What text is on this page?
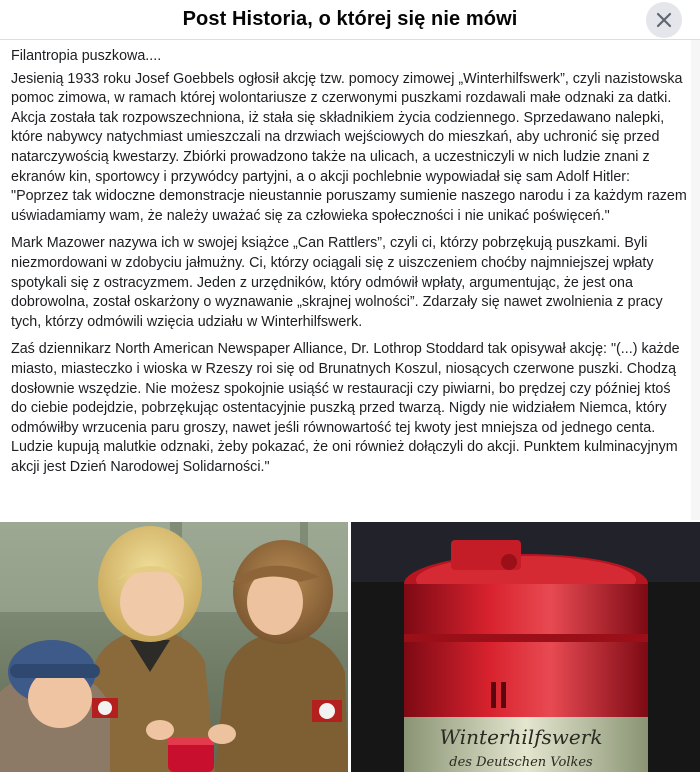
Post Historia, o której się nie mówi

Filantropia puszkowa....

Jesienią 1933 roku Josef Goebbels ogłosił akcję tzw. pomocy zimowej „Winterhilfswerk”, czyli nazistowska pomoc zimowa, w ramach której wolontariusze z czerwonymi puszkami rozdawali małe odznaki za datki. Akcja została tak rozpowszechniona, iż stała się składnikiem życia codziennego. Sprzedawano nalepki, które nabywcy natychmiast umieszczali na drzwiach wejściowych do mieszkań, aby uchronić się przed natarczywością kwestarzy. Zbiórki prowadzono także na ulicach, a uczestniczyli w nich ludzie znani z ekranów kin, sportowcy i przywódcy partyjni, a o akcji pochlebnie wypowiadał się sam Adolf Hitler: "Poprzez tak widoczne demonstracje nieustannie poruszamy sumienie naszego narodu i za każdym razem uświadamiamy wam, że należy uważać się za człowieka społeczności i nie unikać poświęceń."

Mark Mazower nazywa ich w swojej książce „Can Rattlers”, czyli ci, którzy pobrzękują puszkami. Byli niezmordowani w zdobyciu jałmużny. Ci, którzy ociągali się z uiszczeniem choćby najmniejszej wpłaty spotykali się z ostracyzmem. Jeden z urzędników, który odmówił wpłaty, argumentując, że jest ona dobrowolna, został oskarżony o wyznawanie „skrajnej wolności”. Zdarzały się nawet zwolnienia z pracy tych, którzy odmówili wzięcia udziału w Winterhilfswerk.

Zaś dziennikarz North American Newspaper Alliance, Dr. Lothrop Stoddard tak opisywał akcję: "(...) każde miasto, miasteczko i wioska w Rzeszy roi się od Brunatnych Koszul, niosących czerwone puszki. Chodzą dosłownie wszędzie. Nie możesz spokojnie usiąść w restauracji czy piwiarni, bo prędzej czy później ktoś do ciebie podejdzie, pobrzękując ostentacyjnie puszką przed twarzą. Nigdy nie widziałem Niemca, który odmówiłby wrzucenia paru groszy, nawet jeśli równowartość tej kwoty jest mniejsza od jednego centa. Ludzie kupują malutkie odznaki, żeby pokazać, że oni również dołączyli do akcji. Punktem kulminacyjnym akcji jest Dzień Narodowej Solidarności."

Winterhilfswerk
des Deutschen Volkes
